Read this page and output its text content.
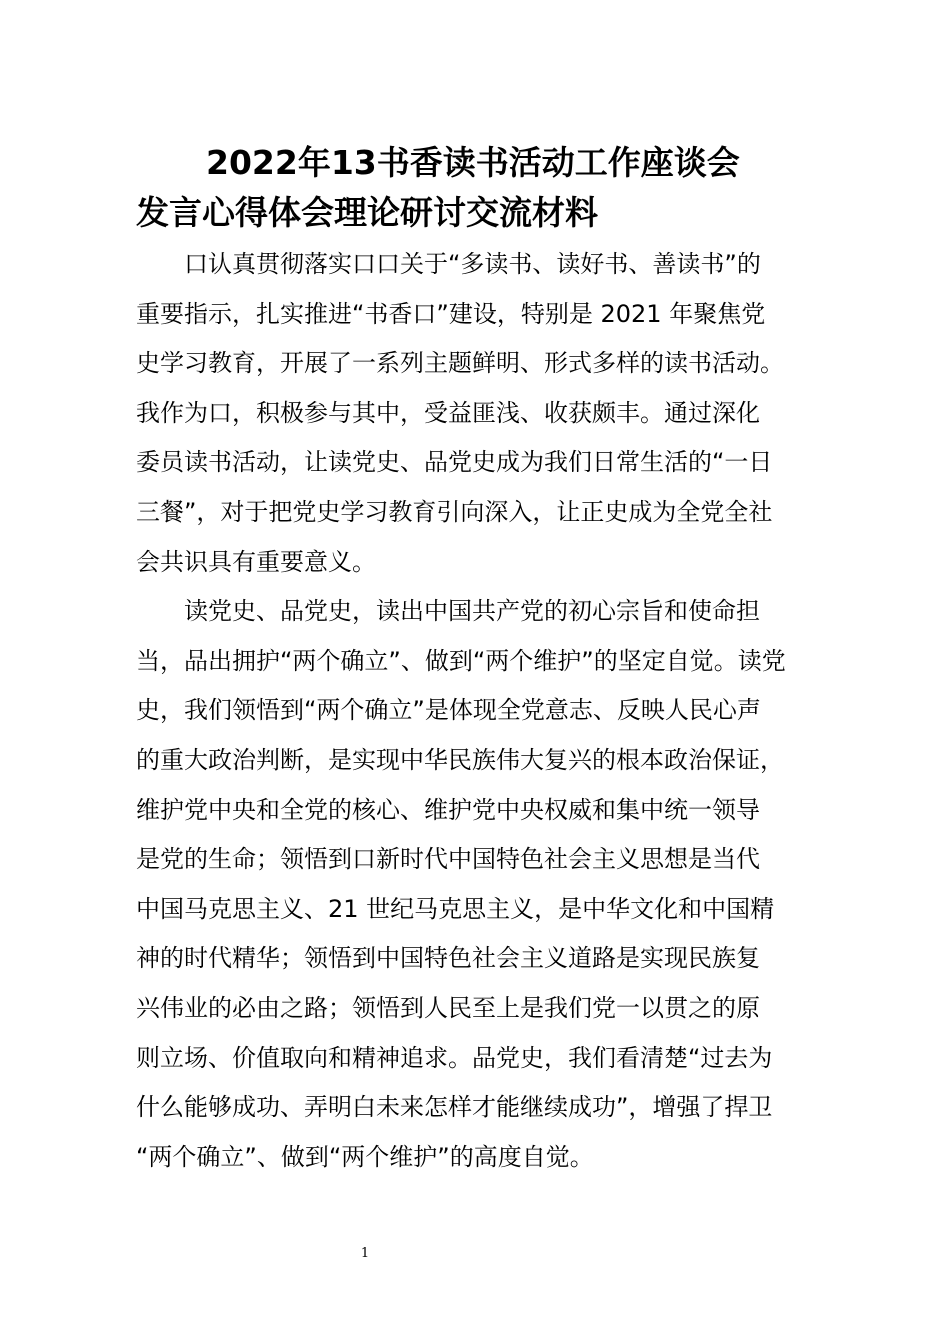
2022年13书香读书活动工作座谈会
发言心得体会理论研讨交流材料
口认真贯彻落实口口关于“多读书、读好书、善读书”的
重要指示，扎实推进“书香口”建设，特别是 2021 年聚焦党
史学习教育，开展了一系列主题鲜明、形式多样的读书活动。
我作为口，积极参与其中，受益匪浅、收获颇丰。通过深化
委员读书活动，让读党史、品党史成为我们日常生活的“一日
三餐”，对于把党史学习教育引向深入，让正史成为全党全社
会共识具有重要意义。
读党史、品党史，读出中国共产党的初心宗旨和使命担
当，品出拥护“两个确立”、做到“两个维护”的坚定自觉。读党
史，我们领悟到“两个确立”是体现全党意志、反映人民心声
的重大政治判断，是实现中华民族伟大复兴的根本政治保证，
维护党中央和全党的核心、维护党中央权威和集中统一领导
是党的生命；领悟到口新时代中国特色社会主义思想是当代
中国马克思主义、21 世纪马克思主义，是中华文化和中国精
神的时代精华；领悟到中国特色社会主义道路是实现民族复
兴伟业的必由之路；领悟到人民至上是我们党一以贯之的原
则立场、价值取向和精神追求。品党史，我们看清楚“过去为
什么能够成功、弄明白未来怎样才能继续成功”，增强了捍卫
“两个确立”、做到“两个维护”的高度自觉。
1
